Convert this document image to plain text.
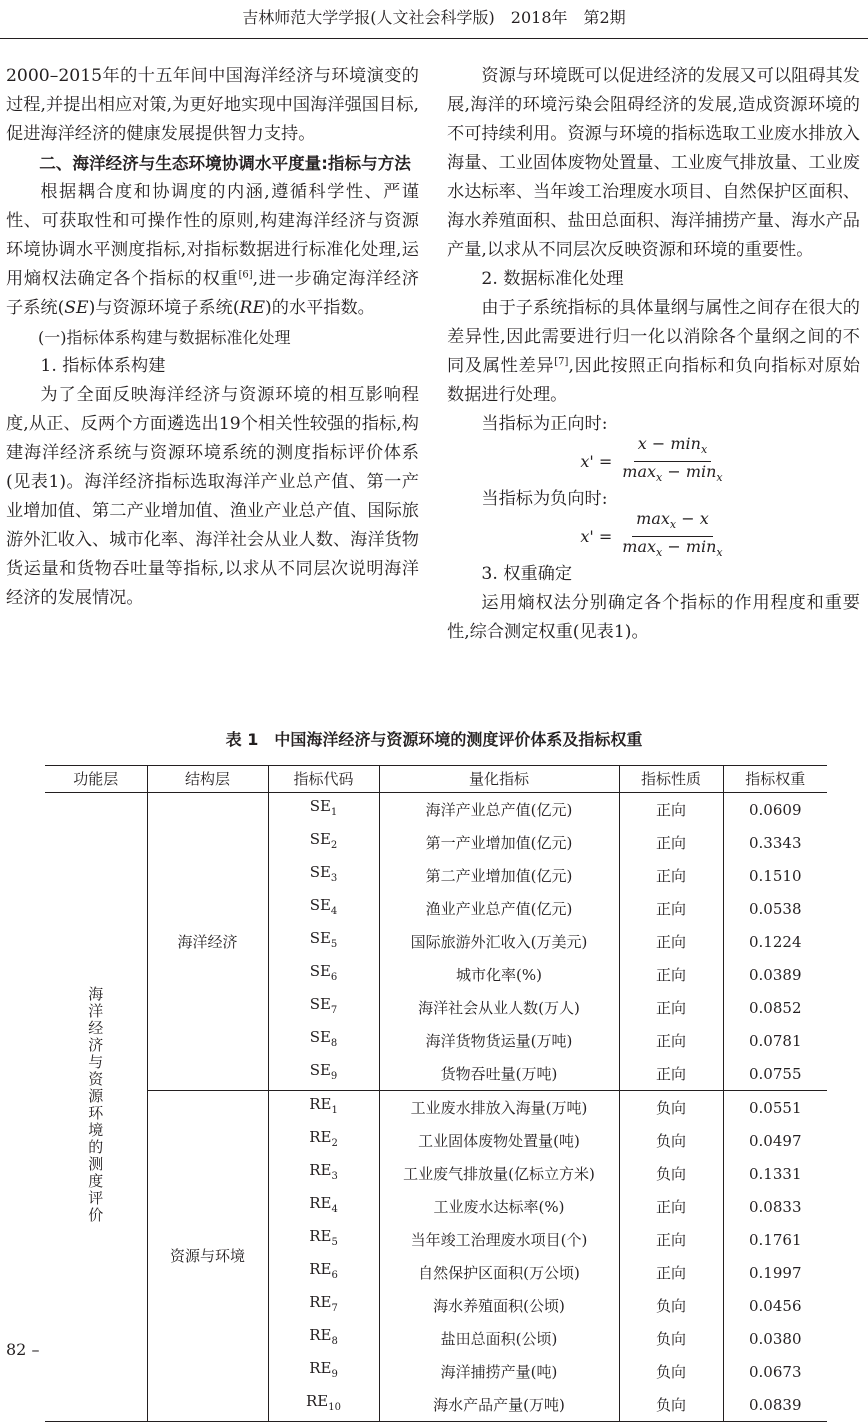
吉林师范大学学报(人文社会科学版)　2018年　第2期

2000–2015年的十五年间中国海洋经济与环境演变的过程,并提出相应对策,为更好地实现中国海洋强国目标,促进海洋经济的健康发展提供智力支持。

二、海洋经济与生态环境协调水平度量:指标与方法

根据耦合度和协调度的内涵,遵循科学性、严谨性、可获取性和可操作性的原则,构建海洋经济与资源环境协调水平测度指标,对指标数据进行标准化处理,运用熵权法确定各个指标的权重[6],进一步确定海洋经济子系统(SE)与资源环境子系统(RE)的水平指数。

(一)指标体系构建与数据标准化处理

1. 指标体系构建

为了全面反映海洋经济与资源环境的相互影响程度,从正、反两个方面遴选出19个相关性较强的指标,构建海洋经济系统与资源环境系统的测度指标评价体系(见表1)。海洋经济指标选取海洋产业总产值、第一产业增加值、第二产业增加值、渔业产业总产值、国际旅游外汇收入、城市化率、海洋社会从业人数、海洋货物货运量和货物吞吐量等指标,以求从不同层次说明海洋经济的发展情况。

资源与环境既可以促进经济的发展又可以阻碍其发展,海洋的环境污染会阻碍经济的发展,造成资源环境的不可持续利用。资源与环境的指标选取工业废水排放入海量、工业固体废物处置量、工业废气排放量、工业废水达标率、当年竣工治理废水项目、自然保护区面积、海水养殖面积、盐田总面积、海洋捕捞产量、海水产品产量,以求从不同层次反映资源和环境的重要性。

2. 数据标准化处理

由于子系统指标的具体量纲与属性之间存在很大的差异性,因此需要进行归一化以消除各个量纲之间的不同及属性差异[7],因此按照正向指标和负向指标对原始数据进行处理。

当指标为正向时:

$x' = \frac{x - \min_x}{\max_x - \min_x}$

当指标为负向时:

$x' = \frac{\max_x - x}{\max_x - \min_x}$

3. 权重确定

运用熵权法分别确定各个指标的作用程度和重要性,综合测定权重(见表1)。

表 1　中国海洋经济与资源环境的测度评价体系及指标权重
功能层	结构层	指标代码	量化指标	指标性质	指标权重
海洋经济与资源环境的测度评价	海洋经济	$SE_1$	海洋产业总产值(亿元)	正向	0.0609
		$SE_2$	第一产业增加值(亿元)	正向	0.3343
		$SE_3$	第二产业增加值(亿元)	正向	0.1510
		$SE_4$	渔业产业总产值(亿元)	正向	0.0538
		$SE_5$	国际旅游外汇收入(万美元)	正向	0.1224
		$SE_6$	城市化率(%)	正向	0.0389
		$SE_7$	海洋社会从业人数(万人)	正向	0.0852
		$SE_8$	海洋货物货运量(万吨)	正向	0.0781
		$SE_9$	货物吞吐量(万吨)	正向	0.0755
	资源与环境	$RE_1$	工业废水排放入海量(万吨)	负向	0.0551
		$RE_2$	工业固体废物处置量(吨)	负向	0.0497
		$RE_3$	工业废气排放量(亿标立方米)	负向	0.1331
		$RE_4$	工业废水达标率(%)	正向	0.0833
		$RE_5$	当年竣工治理废水项目(个)	正向	0.1761
		$RE_6$	自然保护区面积(万公顷)	正向	0.1997
		$RE_7$	海水养殖面积(公顷)	负向	0.0456
		$RE_8$	盐田总面积(公顷)	负向	0.0380
		$RE_9$	海洋捕捞产量(吨)	负向	0.0673
		$RE_{10}$	海水产品产量(万吨)	负向	0.0839
82 –
